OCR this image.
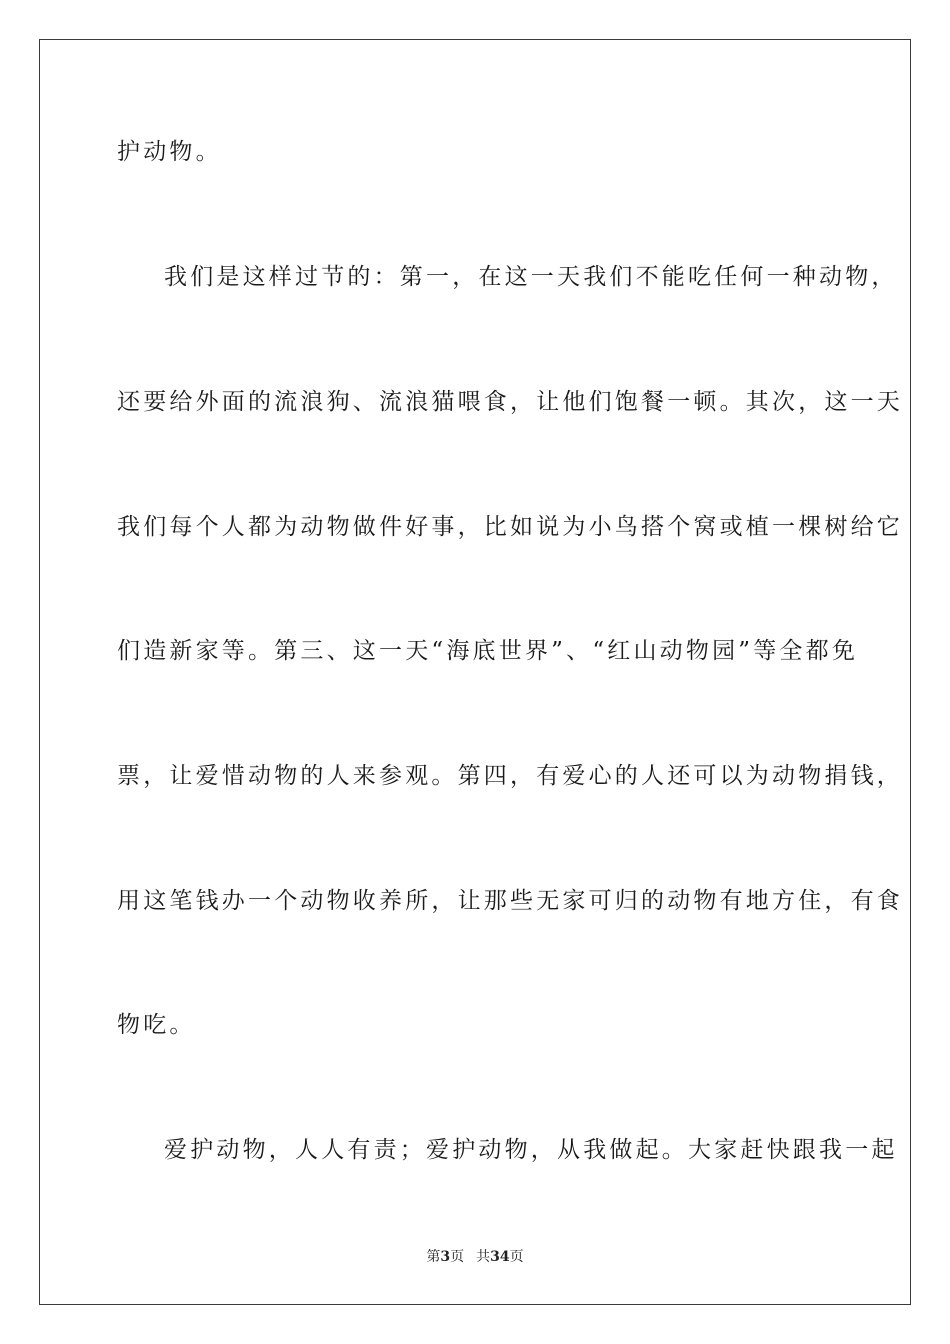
护动物。
我们是这样过节的：第一，在这一天我们不能吃任何一种动物，
还要给外面的流浪狗、流浪猫喂食，让他们饱餐一顿。其次，这一天
我们每个人都为动物做件好事，比如说为小鸟搭个窝或植一棵树给它
们造新家等。第三、这一天“海底世界”、“红山动物园”等全都免
票，让爱惜动物的人来参观。第四，有爱心的人还可以为动物捐钱，
用这笔钱办一个动物收养所，让那些无家可归的动物有地方住，有食
物吃。
爱护动物，人人有责；爱护动物，从我做起。大家赶快跟我一起
第3页 共34页
